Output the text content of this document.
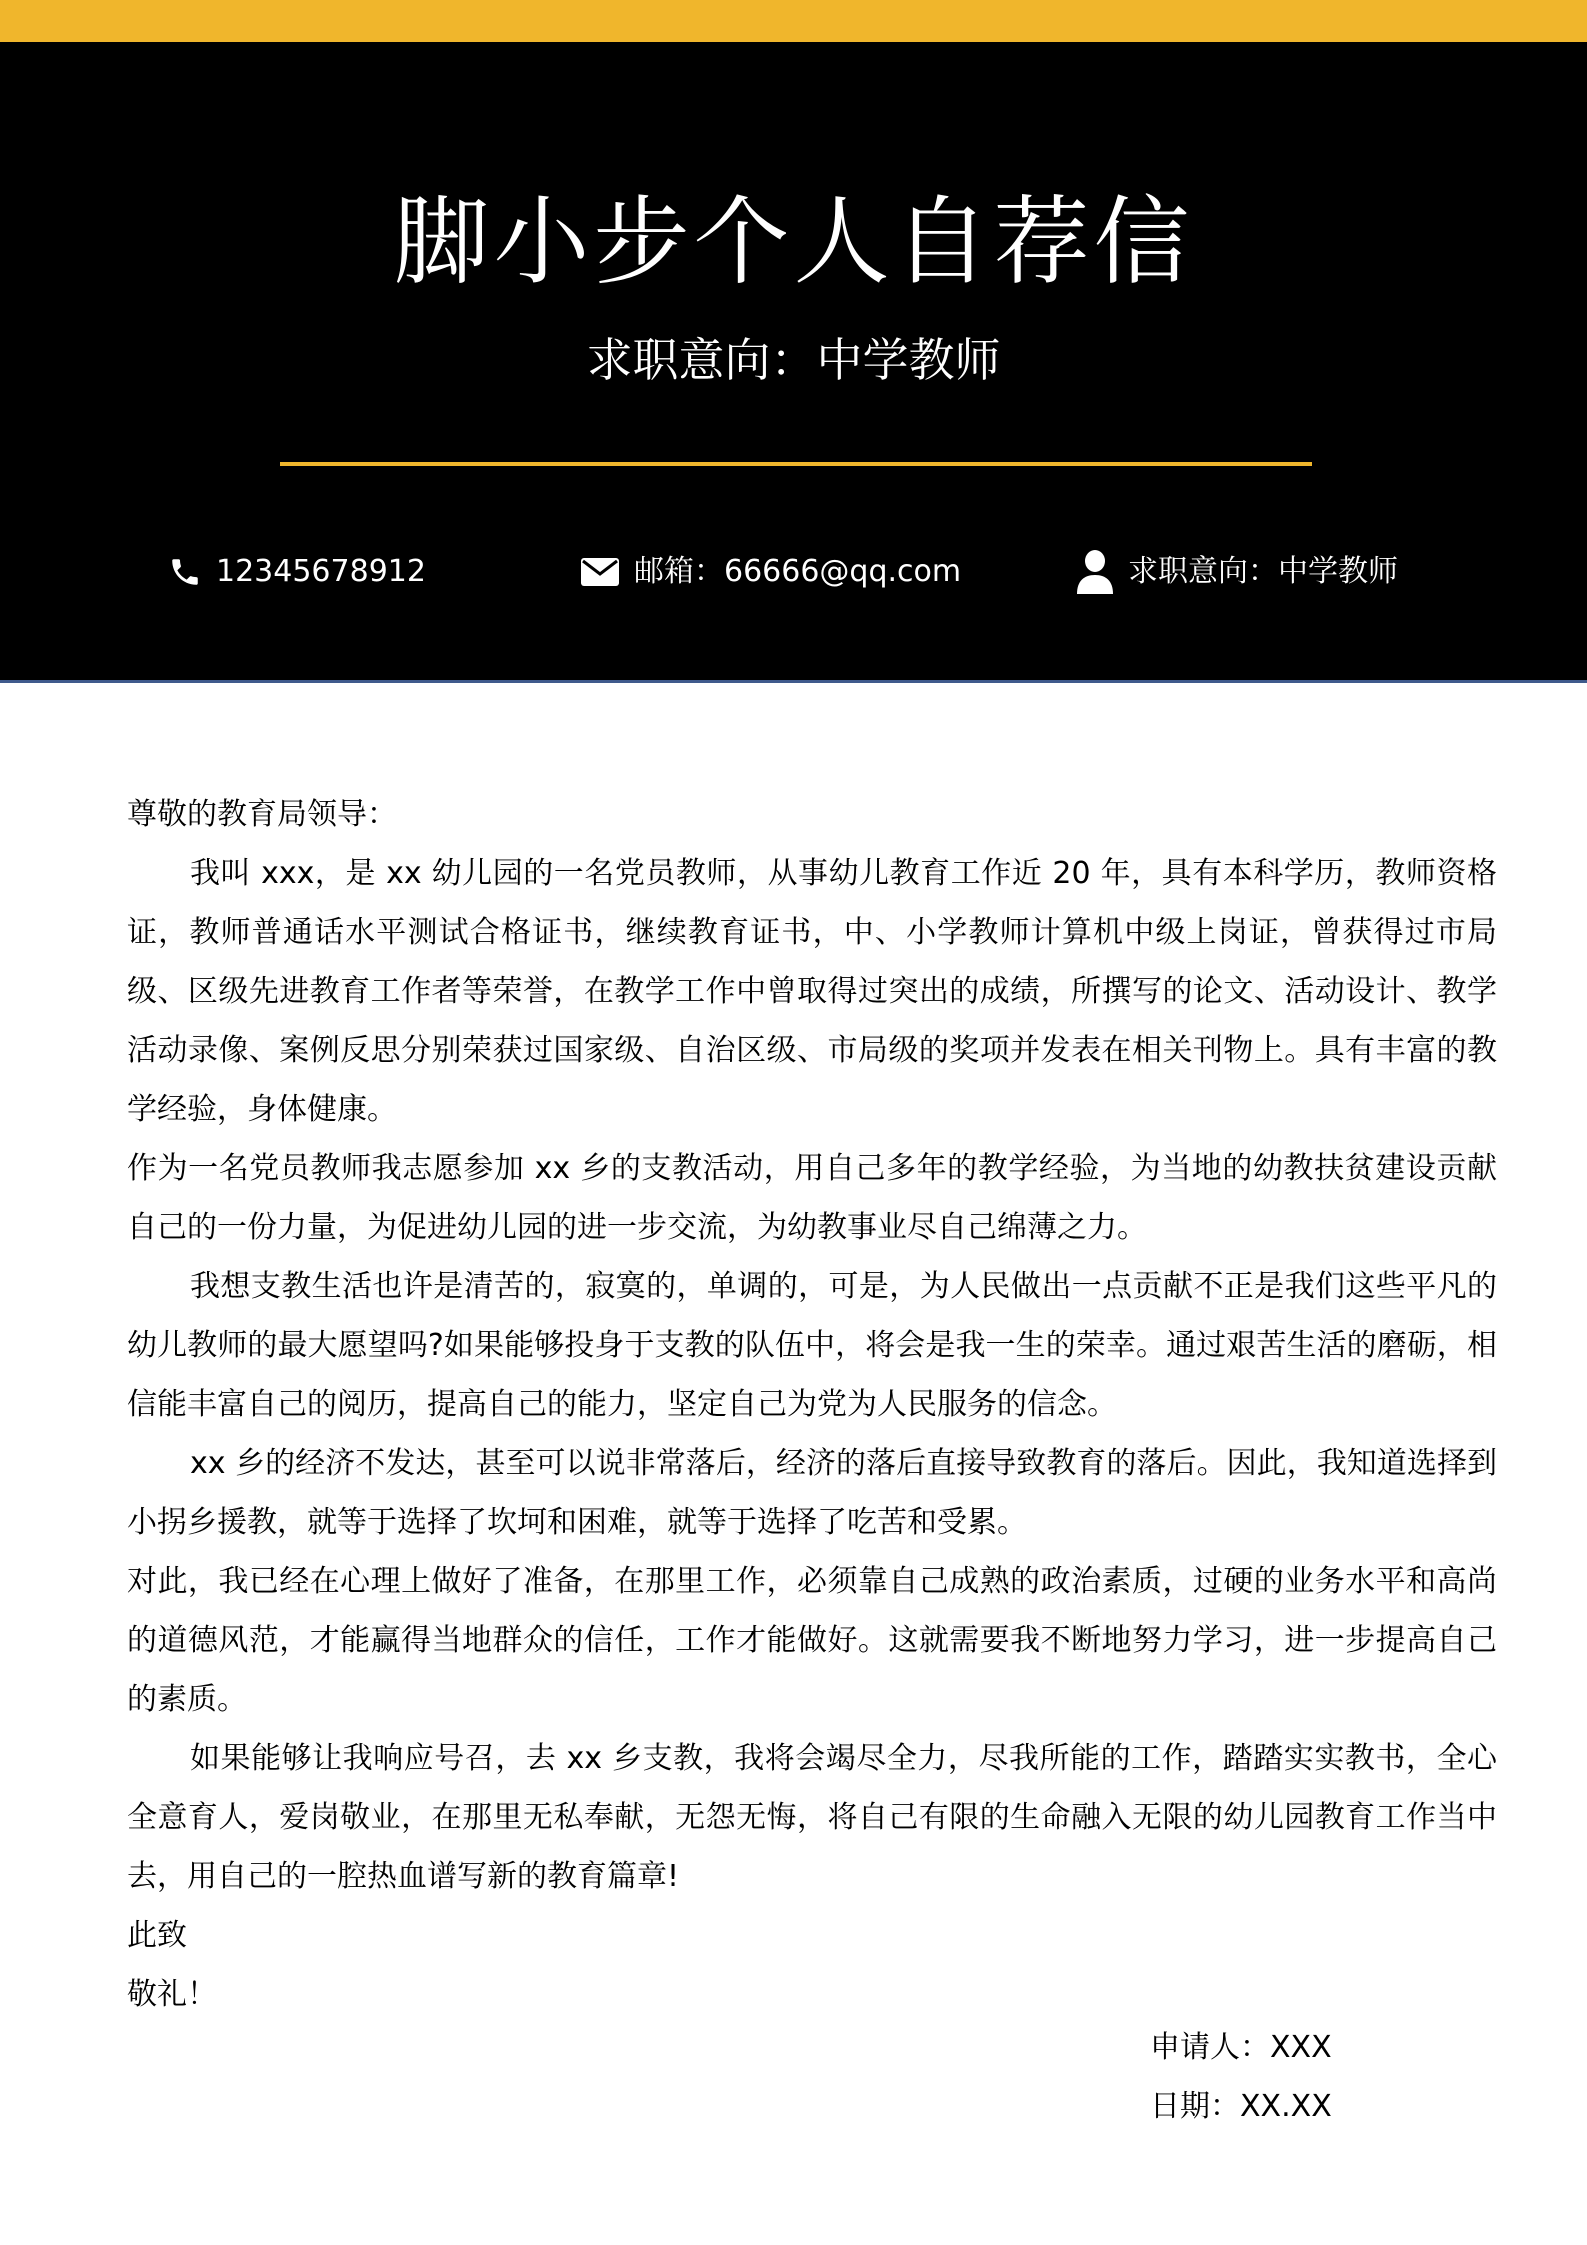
脚小步个人自荐信
求职意向：中学教师
12345678912	邮箱： 66666@qq.com	求职意向： 中学教师

尊敬的教育局领导：

我叫 xxx，是 xx 幼儿园的一名党员教师，从事幼儿教育工作近 20 年，具有本科学历，教师资格证，教师普通话水平测试合格证书，继续教育证书，中、小学教师计算机中级上岗证，曾获得过市局级、区级先进教育工作者等荣誉，在教学工作中曾取得过突出的成绩，所撰写的论文、活动设计、教学活动录像、案例反思分别荣获过国家级、自治区级、市局级的奖项并发表在相关刊物上。具有丰富的教学经验，身体健康。

作为一名党员教师我志愿参加 xx 乡的支教活动，用自己多年的教学经验，为当地的幼教扶贫建设贡献自己的一份力量，为促进幼儿园的进一步交流，为幼教事业尽自己绵薄之力。

我想支教生活也许是清苦的，寂寞的，单调的，可是，为人民做出一点贡献不正是我们这些平凡的幼儿教师的最大愿望吗?如果能够投身于支教的队伍中，将会是我一生的荣幸。通过艰苦生活的磨砺，相信能丰富自己的阅历，提高自己的能力，坚定自己为党为人民服务的信念。

xx 乡的经济不发达，甚至可以说非常落后，经济的落后直接导致教育的落后。因此，我知道选择到小拐乡援教，就等于选择了坎坷和困难，就等于选择了吃苦和受累。

对此，我已经在心理上做好了准备，在那里工作，必须靠自己成熟的政治素质，过硬的业务水平和高尚的道德风范，才能赢得当地群众的信任，工作才能做好。这就需要我不断地努力学习，进一步提高自己的素质。

如果能够让我响应号召，去 xx 乡支教，我将会竭尽全力，尽我所能的工作，踏踏实实教书，全心全意育人，爱岗敬业，在那里无私奉献，无怨无悔，将自己有限的生命融入无限的幼儿园教育工作当中去，用自己的一腔热血谱写新的教育篇章!

此致

敬礼！

申请人：XXX
日期：XX.XX
